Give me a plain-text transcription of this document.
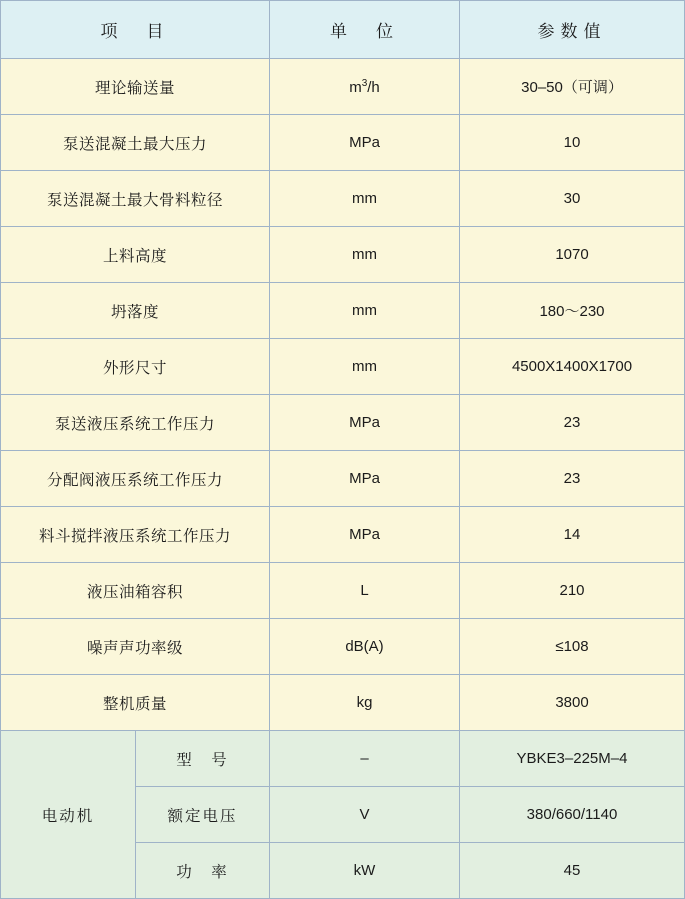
项　目		单　位	参数值
理论输送量		$m^3/h$	30–50（可调）
泵送混凝土最大压力		MPa	10
泵送混凝土最大骨料粒径		mm	30
上料高度		mm	1070
坍落度		mm	180～230
外形尺寸		mm	4500X1400X1700
泵送液压系统工作压力		MPa	23
分配阀液压系统工作压力		MPa	23
料斗搅拌液压系统工作压力		MPa	14
液压油箱容积		L	210
噪声声功率级		dB(A)	≤108
整机质量		kg	3800
电动机	型　号	–	YBKE3–225M–4
	额定电压	V	380/660/1140
	功　率	kW	45
